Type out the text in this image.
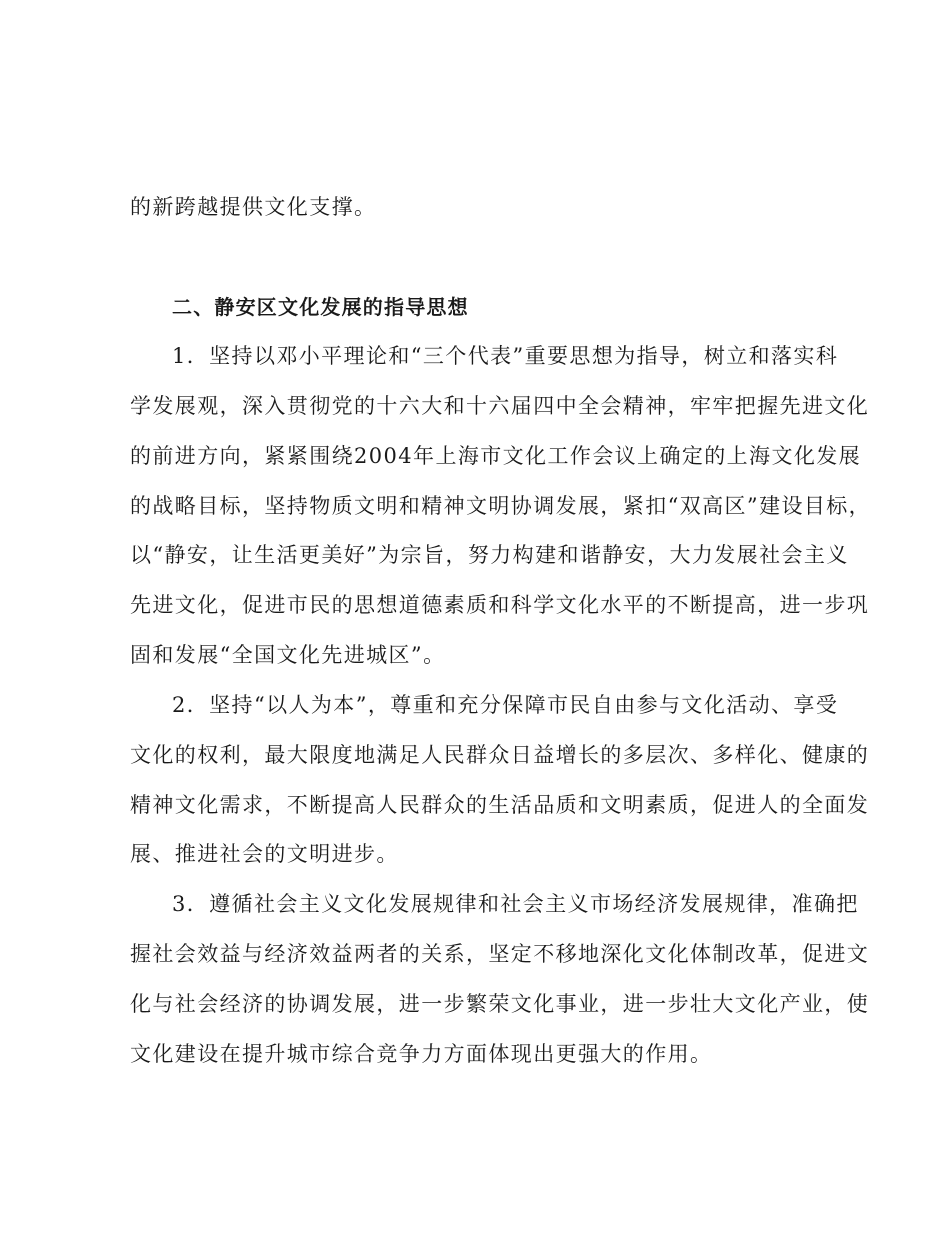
的新跨越提供文化支撑。
二、静安区文化发展的指导思想
1．坚持以邓小平理论和“三个代表”重要思想为指导，树立和落实科
学发展观，深入贯彻党的十六大和十六届四中全会精神，牢牢把握先进文化
的前进方向，紧紧围绕2004年上海市文化工作会议上确定的上海文化发展
的战略目标，坚持物质文明和精神文明协调发展，紧扣“双高区”建设目标，
以“静安，让生活更美好”为宗旨，努力构建和谐静安，大力发展社会主义
先进文化，促进市民的思想道德素质和科学文化水平的不断提高，进一步巩
固和发展“全国文化先进城区”。
2．坚持“以人为本”，尊重和充分保障市民自由参与文化活动、享受
文化的权利，最大限度地满足人民群众日益增长的多层次、多样化、健康的
精神文化需求，不断提高人民群众的生活品质和文明素质，促进人的全面发
展、推进社会的文明进步。
3．遵循社会主义文化发展规律和社会主义市场经济发展规律，准确把
握社会效益与经济效益两者的关系，坚定不移地深化文化体制改革，促进文
化与社会经济的协调发展，进一步繁荣文化事业，进一步壮大文化产业，使
文化建设在提升城市综合竞争力方面体现出更强大的作用。
